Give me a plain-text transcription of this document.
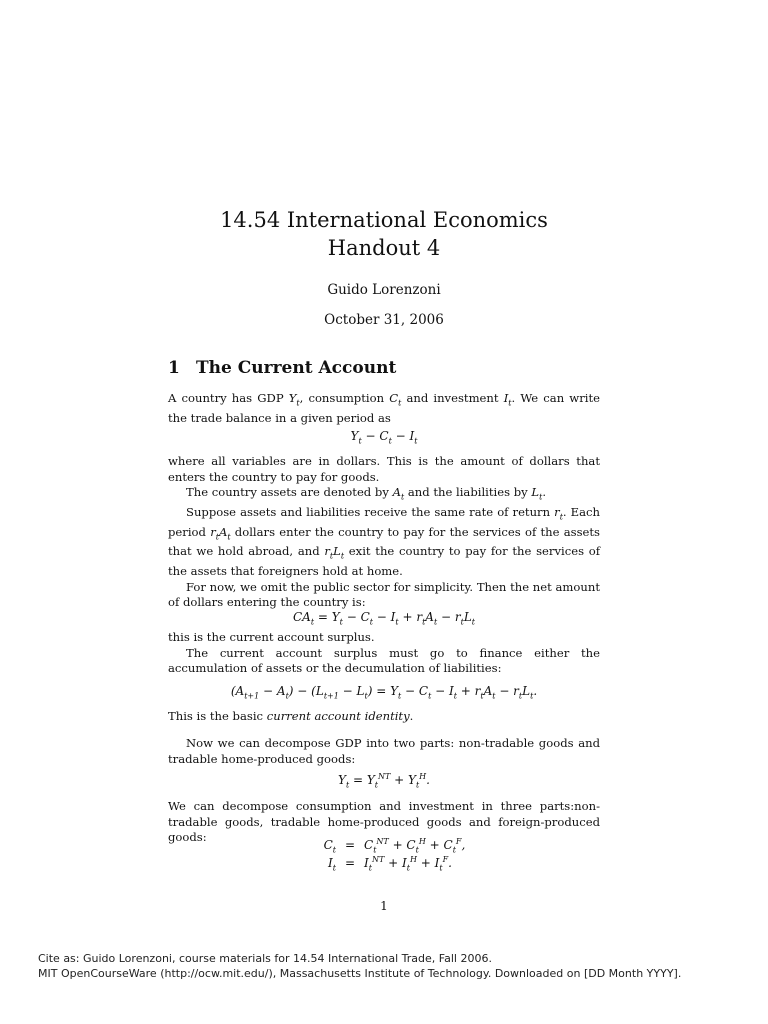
14.54 International Economics
Handout 4
Guido Lorenzoni
October 31, 2006
1 The Current Account

A country has GDP $Y_t$, consumption $C_t$ and investment $I_t$. We can write the trade balance in a given period as

$Y_t - C_t - I_t$

where all variables are in dollars. This is the amount of dollars that enters the country to pay for goods.

The country assets are denoted by $A_t$ and the liabilities by $L_t$.

Suppose assets and liabilities receive the same rate of return $r_t$. Each period $r_tA_t$ dollars enter the country to pay for the services of the assets that we hold abroad, and $r_tL_t$ exit the country to pay for the services of the assets that foreigners hold at home.

For now, we omit the public sector for simplicity. Then the net amount of dollars entering the country is:

$CA_t = Y_t - C_t - I_t + r_tA_t - r_tL_t$

this is the current account surplus.

The current account surplus must go to finance either the accumulation of assets or the decumulation of liabilities:

$(A_{t+1} - A_t) - (L_{t+1} - L_t) = Y_t - C_t - I_t + r_tA_t - r_tL_t$.

This is the basic current account identity.

Now we can decompose GDP into two parts: non-tradable goods and tradable home-produced goods:

$Y_t = Y_t^{NT} + Y_t^H$.

We can decompose consumption and investment in three parts:non-tradable goods, tradable home-produced goods and foreign-produced goods:

$C_t = C_t^{NT} + C_t^H + C_t^F$,
$I_t = I_t^{NT} + I_t^H + I_t^F$.
1
Cite as: Guido Lorenzoni, course materials for 14.54 International Trade, Fall 2006.
MIT OpenCourseWare (http://ocw.mit.edu/), Massachusetts Institute of Technology. Downloaded on [DD Month YYYY].
